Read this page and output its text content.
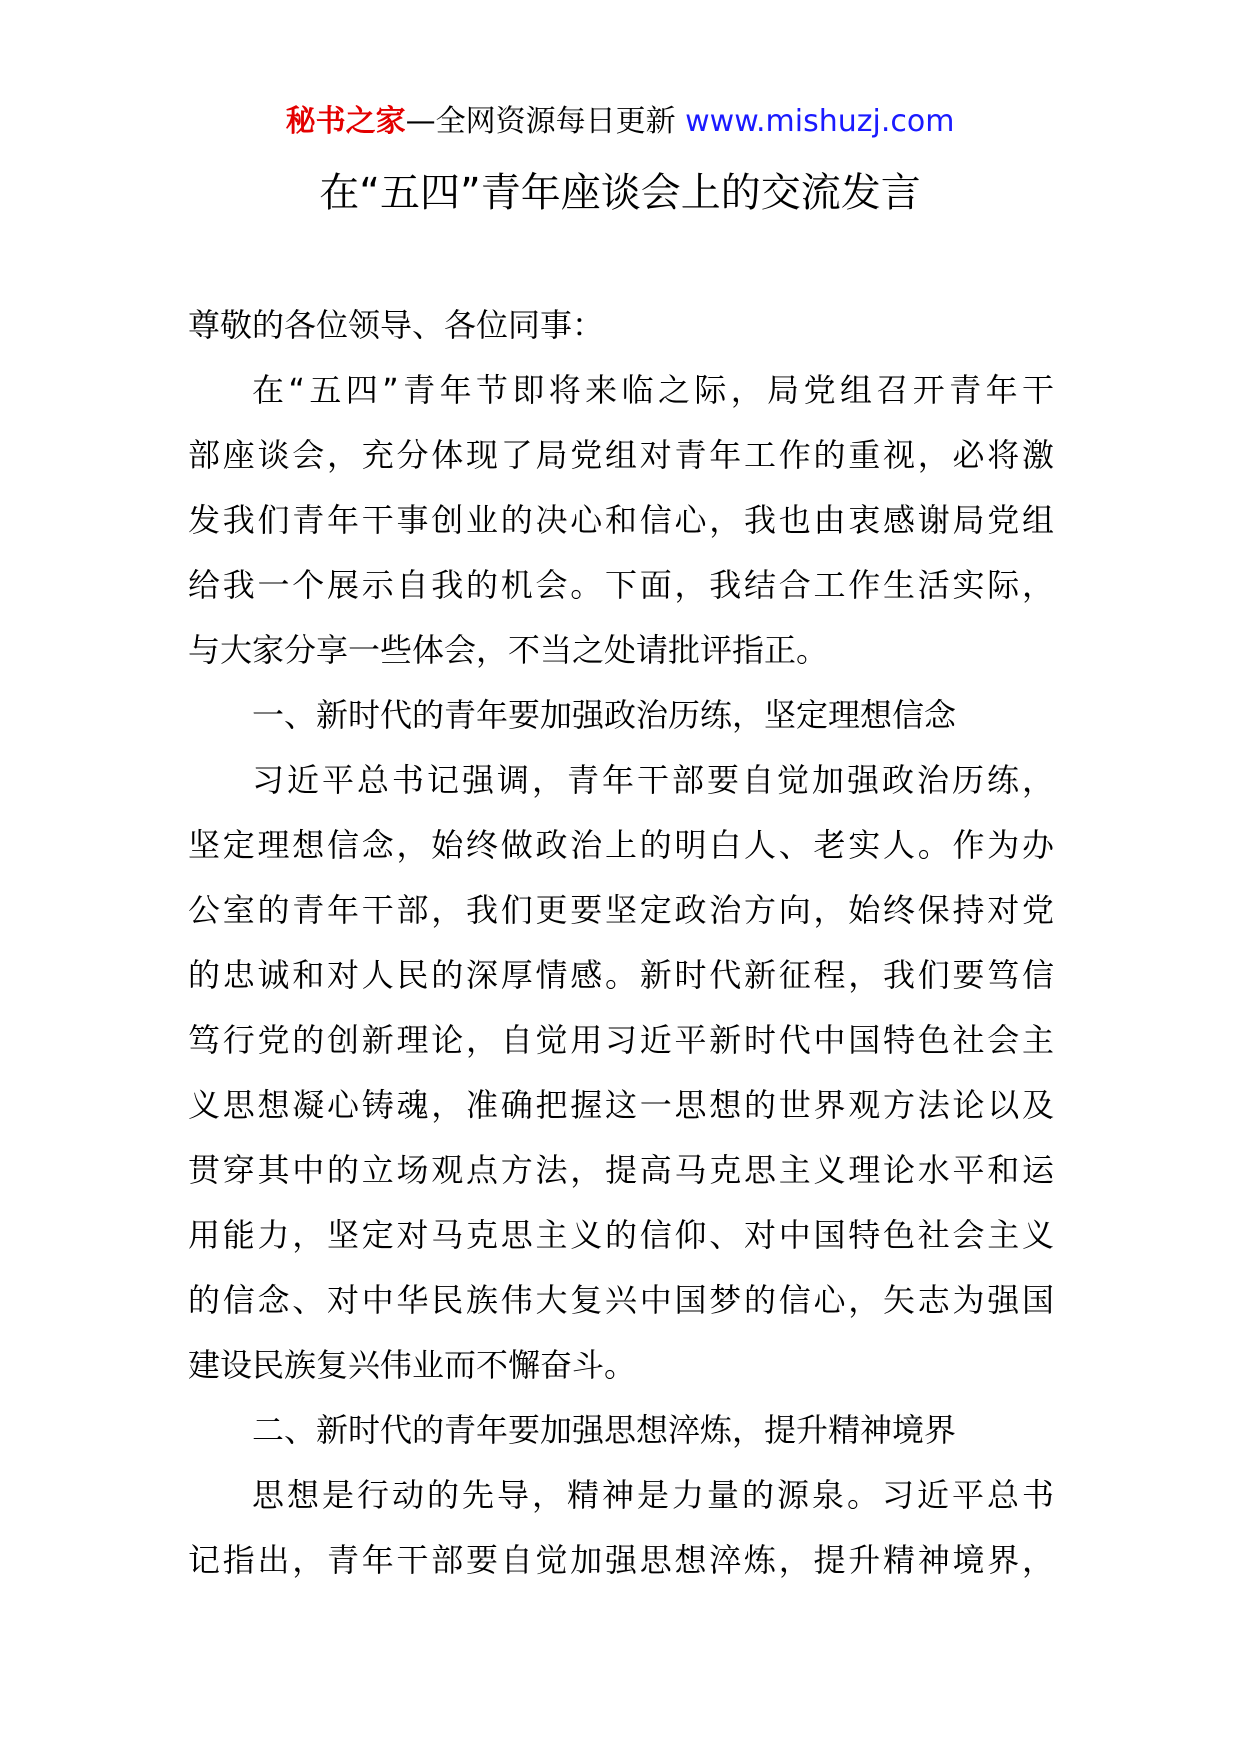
秘书之家—全网资源每日更新 www.mishuzj.com
在“五四”青年座谈会上的交流发言

尊敬的各位领导、各位同事：

在“五四”青年节即将来临之际，局党组召开青年干
部座谈会，充分体现了局党组对青年工作的重视，必将激
发我们青年干事创业的决心和信心，我也由衷感谢局党组
给我一个展示自我的机会。下面，我结合工作生活实际，
与大家分享一些体会，不当之处请批评指正。

一、新时代的青年要加强政治历练，坚定理想信念

习近平总书记强调，青年干部要自觉加强政治历练，
坚定理想信念，始终做政治上的明白人、老实人。作为办
公室的青年干部，我们更要坚定政治方向，始终保持对党
的忠诚和对人民的深厚情感。新时代新征程，我们要笃信
笃行党的创新理论，自觉用习近平新时代中国特色社会主
义思想凝心铸魂，准确把握这一思想的世界观方法论以及
贯穿其中的立场观点方法，提高马克思主义理论水平和运
用能力，坚定对马克思主义的信仰、对中国特色社会主义
的信念、对中华民族伟大复兴中国梦的信心，矢志为强国
建设民族复兴伟业而不懈奋斗。

二、新时代的青年要加强思想淬炼，提升精神境界

思想是行动的先导，精神是力量的源泉。习近平总书
记指出，青年干部要自觉加强思想淬炼，提升精神境界，
